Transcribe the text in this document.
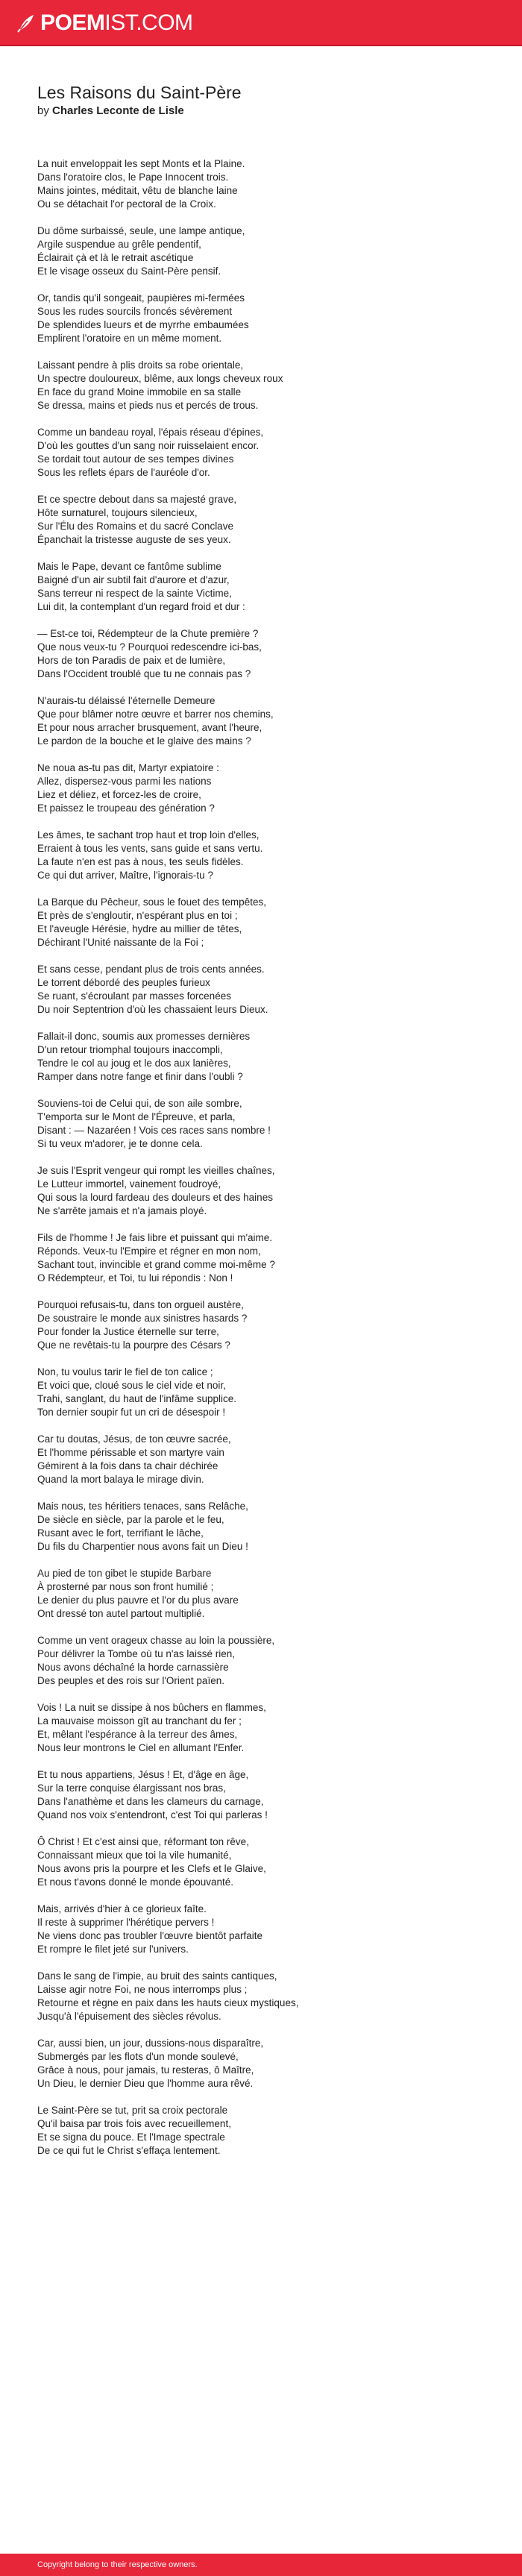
POEMIST.COM
Les Raisons du Saint-Père
by Charles Leconte de Lisle
La nuit enveloppait les sept Monts et la Plaine.
Dans l'oratoire clos, le Pape Innocent trois.
Mains jointes, méditait, vêtu de blanche laine
Ou se détachait l'or pectoral de la Croix.
Du dôme surbaissé, seule, une lampe antique,
Argile suspendue au grêle pendentif,
Éclairait çà et là le retrait ascétique
Et le visage osseux du Saint-Père pensif.
Or, tandis qu'il songeait, paupières mi-fermées
Sous les rudes sourcils froncés sévèrement
De splendides lueurs et de myrrhe embaumées
Emplirent l'oratoire en un même moment.
Laissant pendre à plis droits sa robe orientale,
Un spectre douloureux, blême, aux longs cheveux roux
En face du grand Moine immobile en sa stalle
Se dressa, mains et pieds nus et percés de trous.
Comme un bandeau royal, l'épais réseau d'épines,
D'où les gouttes d'un sang noir ruisselaient encor.
Se tordait tout autour de ses tempes divines
Sous les reflets épars de l'auréole d'or.
Et ce spectre debout dans sa majesté grave,
Hôte surnaturel, toujours silencieux,
Sur l'Élu des Romains et du sacré Conclave
Épanchait la tristesse auguste de ses yeux.
Mais le Pape, devant ce fantôme sublime
Baigné d'un air subtil fait d'aurore et d'azur,
Sans terreur ni respect de la sainte Victime,
Lui dit, la contemplant d'un regard froid et dur :
— Est-ce toi, Rédempteur de la Chute première ?
Que nous veux-tu ? Pourquoi redescendre ici-bas,
Hors de ton Paradis de paix et de lumière,
Dans l'Occident troublé que tu ne connais pas ?
N'aurais-tu délaissé l'éternelle Demeure
Que pour blâmer notre œuvre et barrer nos chemins,
Et pour nous arracher brusquement, avant l'heure,
Le pardon de la bouche et le glaive des mains ?
Ne noua as-tu pas dit, Martyr expiatoire :
Allez, dispersez-vous parmi les nations
Liez et déliez, et forcez-les de croire,
Et paissez le troupeau des génération ?
Les âmes, te sachant trop haut et trop loin d'elles,
Erraient à tous les vents, sans guide et sans vertu.
La faute n'en est pas à nous, tes seuls fidèles.
Ce qui dut arriver, Maître, l'ignorais-tu ?
La Barque du Pêcheur, sous le fouet des tempêtes,
Et près de s'engloutir, n'espérant plus en toi ;
Et l'aveugle Hérésie, hydre au millier de têtes,
Déchirant l'Unité naissante de la Foi ;
Et sans cesse, pendant plus de trois cents années.
Le torrent débordé des peuples furieux
Se ruant, s'écroulant par masses forcenées
Du noir Septentrion d'où les chassaient leurs Dieux.
Fallait-il donc, soumis aux promesses dernières
D'un retour triomphal toujours inaccompli,
Tendre le col au joug et le dos aux lanières,
Ramper dans notre fange et finir dans l'oubli ?
Souviens-toi de Celui qui, de son aile sombre,
T'emporta sur le Mont de l'Épreuve, et parla,
Disant : — Nazaréen ! Vois ces races sans nombre !
Si tu veux m'adorer, je te donne cela.
Je suis l'Esprit vengeur qui rompt les vieilles chaînes,
Le Lutteur immortel, vainement foudroyé,
Qui sous la lourd fardeau des douleurs et des haines
Ne s'arrête jamais et n'a jamais ployé.
Fils de l'homme ! Je fais libre et puissant qui m'aime.
Réponds. Veux-tu l'Empire et régner en mon nom,
Sachant tout, invincible et grand comme moi-même ?
O Rédempteur, et Toi, tu lui répondis : Non !
Pourquoi refusais-tu, dans ton orgueil austère,
De soustraire le monde aux sinistres hasards ?
Pour fonder la Justice éternelle sur terre,
Que ne revêtais-tu la pourpre des Césars ?
Non, tu voulus tarir le fiel de ton calice ;
Et voici que, cloué sous le ciel vide et noir,
Trahi, sanglant, du haut de l'infâme supplice.
Ton dernier soupir fut un cri de désespoir !
Car tu doutas, Jésus, de ton œuvre sacrée,
Et l'homme périssable et son martyre vain
Gémirent à la fois dans ta chair déchirée
Quand la mort balaya le mirage divin.
Mais nous, tes héritiers tenaces, sans Relâche,
De siècle en siècle, par la parole et le feu,
Rusant avec le fort, terrifiant le lâche,
Du fils du Charpentier nous avons fait un Dieu !
Au pied de ton gibet le stupide Barbare
À prosterné par nous son front humilié ;
Le denier du plus pauvre et l'or du plus avare
Ont dressé ton autel partout multiplié.
Comme un vent orageux chasse au loin la poussière,
Pour délivrer la Tombe où tu n'as laissé rien,
Nous avons déchaîné la horde carnassière
Des peuples et des rois sur l'Orient païen.
Vois ! La nuit se dissipe à nos bûchers en flammes,
La mauvaise moisson gît au tranchant du fer ;
Et, mêlant l'espérance à la terreur des âmes,
Nous leur montrons le Ciel en allumant l'Enfer.
Et tu nous appartiens, Jésus ! Et, d'âge en âge,
Sur la terre conquise élargissant nos bras,
Dans l'anathème et dans les clameurs du carnage,
Quand nos voix s'entendront, c'est Toi qui parleras !
Ô Christ ! Et c'est ainsi que, réformant ton rêve,
Connaissant mieux que toi la vile humanité,
Nous avons pris la pourpre et les Clefs et le Glaive,
Et nous t'avons donné le monde épouvanté.
Mais, arrivés d'hier à ce glorieux faîte.
Il reste à supprimer l'hérétique pervers !
Ne viens donc pas troubler l'œuvre bientôt parfaite
Et rompre le filet jeté sur l'univers.
Dans le sang de l'impie, au bruit des saints cantiques,
Laisse agir notre Foi, ne nous interromps plus ;
Retourne et règne en paix dans les hauts cieux mystiques,
Jusqu'à l'épuisement des siècles révolus.
Car, aussi bien, un jour, dussions-nous disparaître,
Submergés par les flots d'un monde soulevé,
Grâce à nous, pour jamais, tu resteras, ô Maître,
Un Dieu, le dernier Dieu que l'homme aura rêvé.
Le Saint-Père se tut, prit sa croix pectorale
Qu'il baisa par trois fois avec recueillement,
Et se signa du pouce. Et l'Image spectrale
De ce qui fut le Christ s'effaça lentement.
Copyright belong to their respective owners.
